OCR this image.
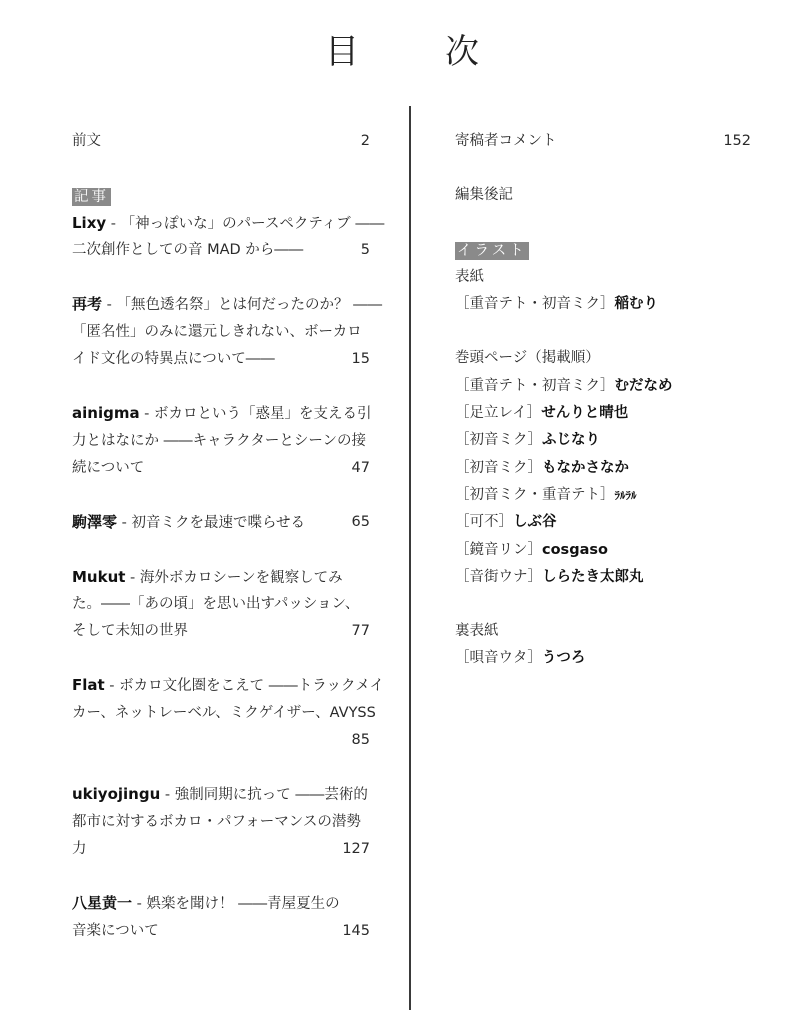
目　次
前文	2
記事
Lixy - 「神っぽいな」のパースペクティブ ――
二次創作としての音 MAD から――	5
再考 - 「無色透名祭」とは何だったのか？ ――
「匿名性」のみに還元しきれない、ボーカロ
イド文化の特異点について――	15
ainigma - ボカロという「惑星」を支える引
力とはなにか ――キャラクターとシーンの接
続について	47
駒澤零 - 初音ミクを最速で喋らせる	65
Mukut - 海外ボカロシーンを観察してみ
た。――「あの頃」を思い出すパッション、
そして未知の世界	77
Flat - ボカロ文化圏をこえて ――トラックメイ
カー、ネットレーベル、ミクゲイザー、AVYSS
85
ukiyojingu - 強制同期に抗って ――芸術的
都市に対するボカロ・パフォーマンスの潜勢
力	127
八星黄一 - 娯楽を聞け！ ――青屋夏生の
音楽について	145
寄稿者コメント	152
編集後記
イラスト
表紙
［重音テト・初音ミク］稲むり
巻頭ページ（掲載順）
［重音テト・初音ミク］むだなめ
［足立レイ］せんりと晴也
［初音ミク］ふじなり
［初音ミク］もなかさなか
［初音ミク・重音テト］ﾗﾙﾗﾙ
［可不］しぶ谷
［鏡音リン］cosgaso
［音街ウナ］しらたき太郎丸
裏表紙
［唄音ウタ］うつろ
